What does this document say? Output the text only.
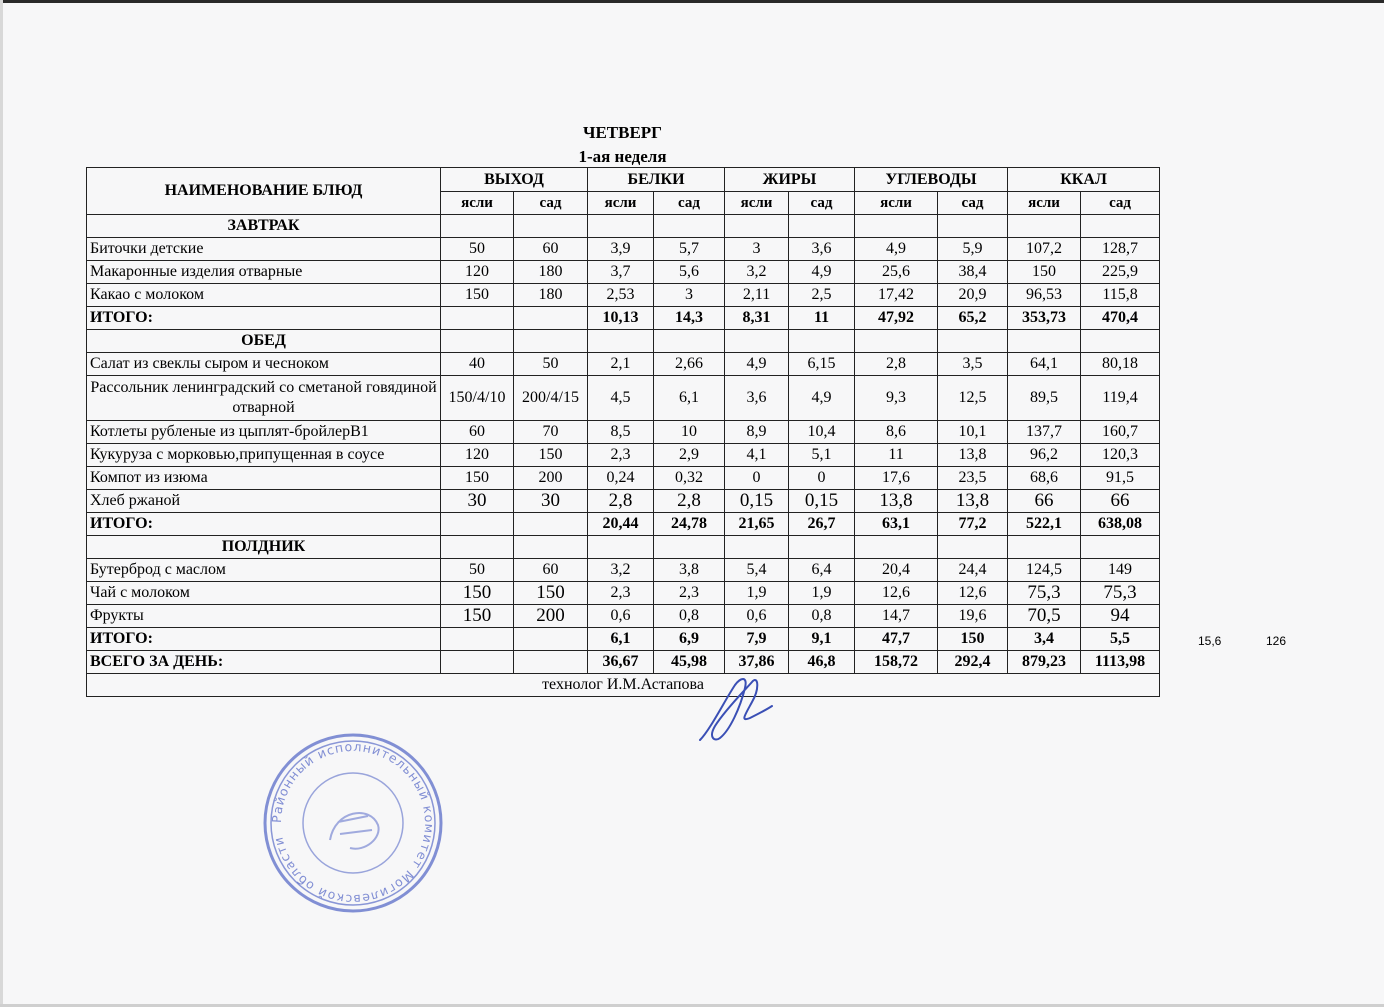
ЧЕТВЕРГ
1-ая неделя
НАИМЕНОВАНИЕ БЛЮД	ВЫХОД		БЕЛКИ		ЖИРЫ		УГЛЕВОДЫ		ККАЛ	
	ясли	сад	ясли	сад	ясли	сад	ясли	сад	ясли	сад
ЗАВТРАК										
Биточки детские	50	60	3,9	5,7	3	3,6	4,9	5,9	107,2	128,7
Макаронные изделия отварные	120	180	3,7	5,6	3,2	4,9	25,6	38,4	150	225,9
Какао с молоком	150	180	2,53	3	2,11	2,5	17,42	20,9	96,53	115,8
ИТОГО:			10,13	14,3	8,31	11	47,92	65,2	353,73	470,4
ОБЕД										
Салат из свеклы сыром и чесноком	40	50	2,1	2,66	4,9	6,15	2,8	3,5	64,1	80,18
Рассольник ленинградский со сметаной говядиной отварной	150/4/10	200/4/15	4,5	6,1	3,6	4,9	9,3	12,5	89,5	119,4
Котлеты рубленые из цыплят-бройлерВ1	60	70	8,5	10	8,9	10,4	8,6	10,1	137,7	160,7
Кукуруза с морковью,припущенная в соусе	120	150	2,3	2,9	4,1	5,1	11	13,8	96,2	120,3
Компот из изюма	150	200	0,24	0,32	0	0	17,6	23,5	68,6	91,5
Хлеб ржаной	30	30	2,8	2,8	0,15	0,15	13,8	13,8	66	66
ИТОГО:			20,44	24,78	21,65	26,7	63,1	77,2	522,1	638,08
ПОЛДНИК										
Бутерброд с маслом	50	60	3,2	3,8	5,4	6,4	20,4	24,4	124,5	149
Чай с молоком	150	150	2,3	2,3	1,9	1,9	12,6	12,6	75,3	75,3
Фрукты	150	200	0,6	0,8	0,6	0,8	14,7	19,6	70,5	94
ИТОГО:			6,1	6,9	7,9	9,1	47,7	150	3,4	5,5
ВСЕГО ЗА ДЕНЬ:			36,67	45,98	37,86	46,8	158,72	292,4	879,23	1113,98
технолог И.М.Астапова										
15,6	126
Районный исполнительный комитет Могилевской области
